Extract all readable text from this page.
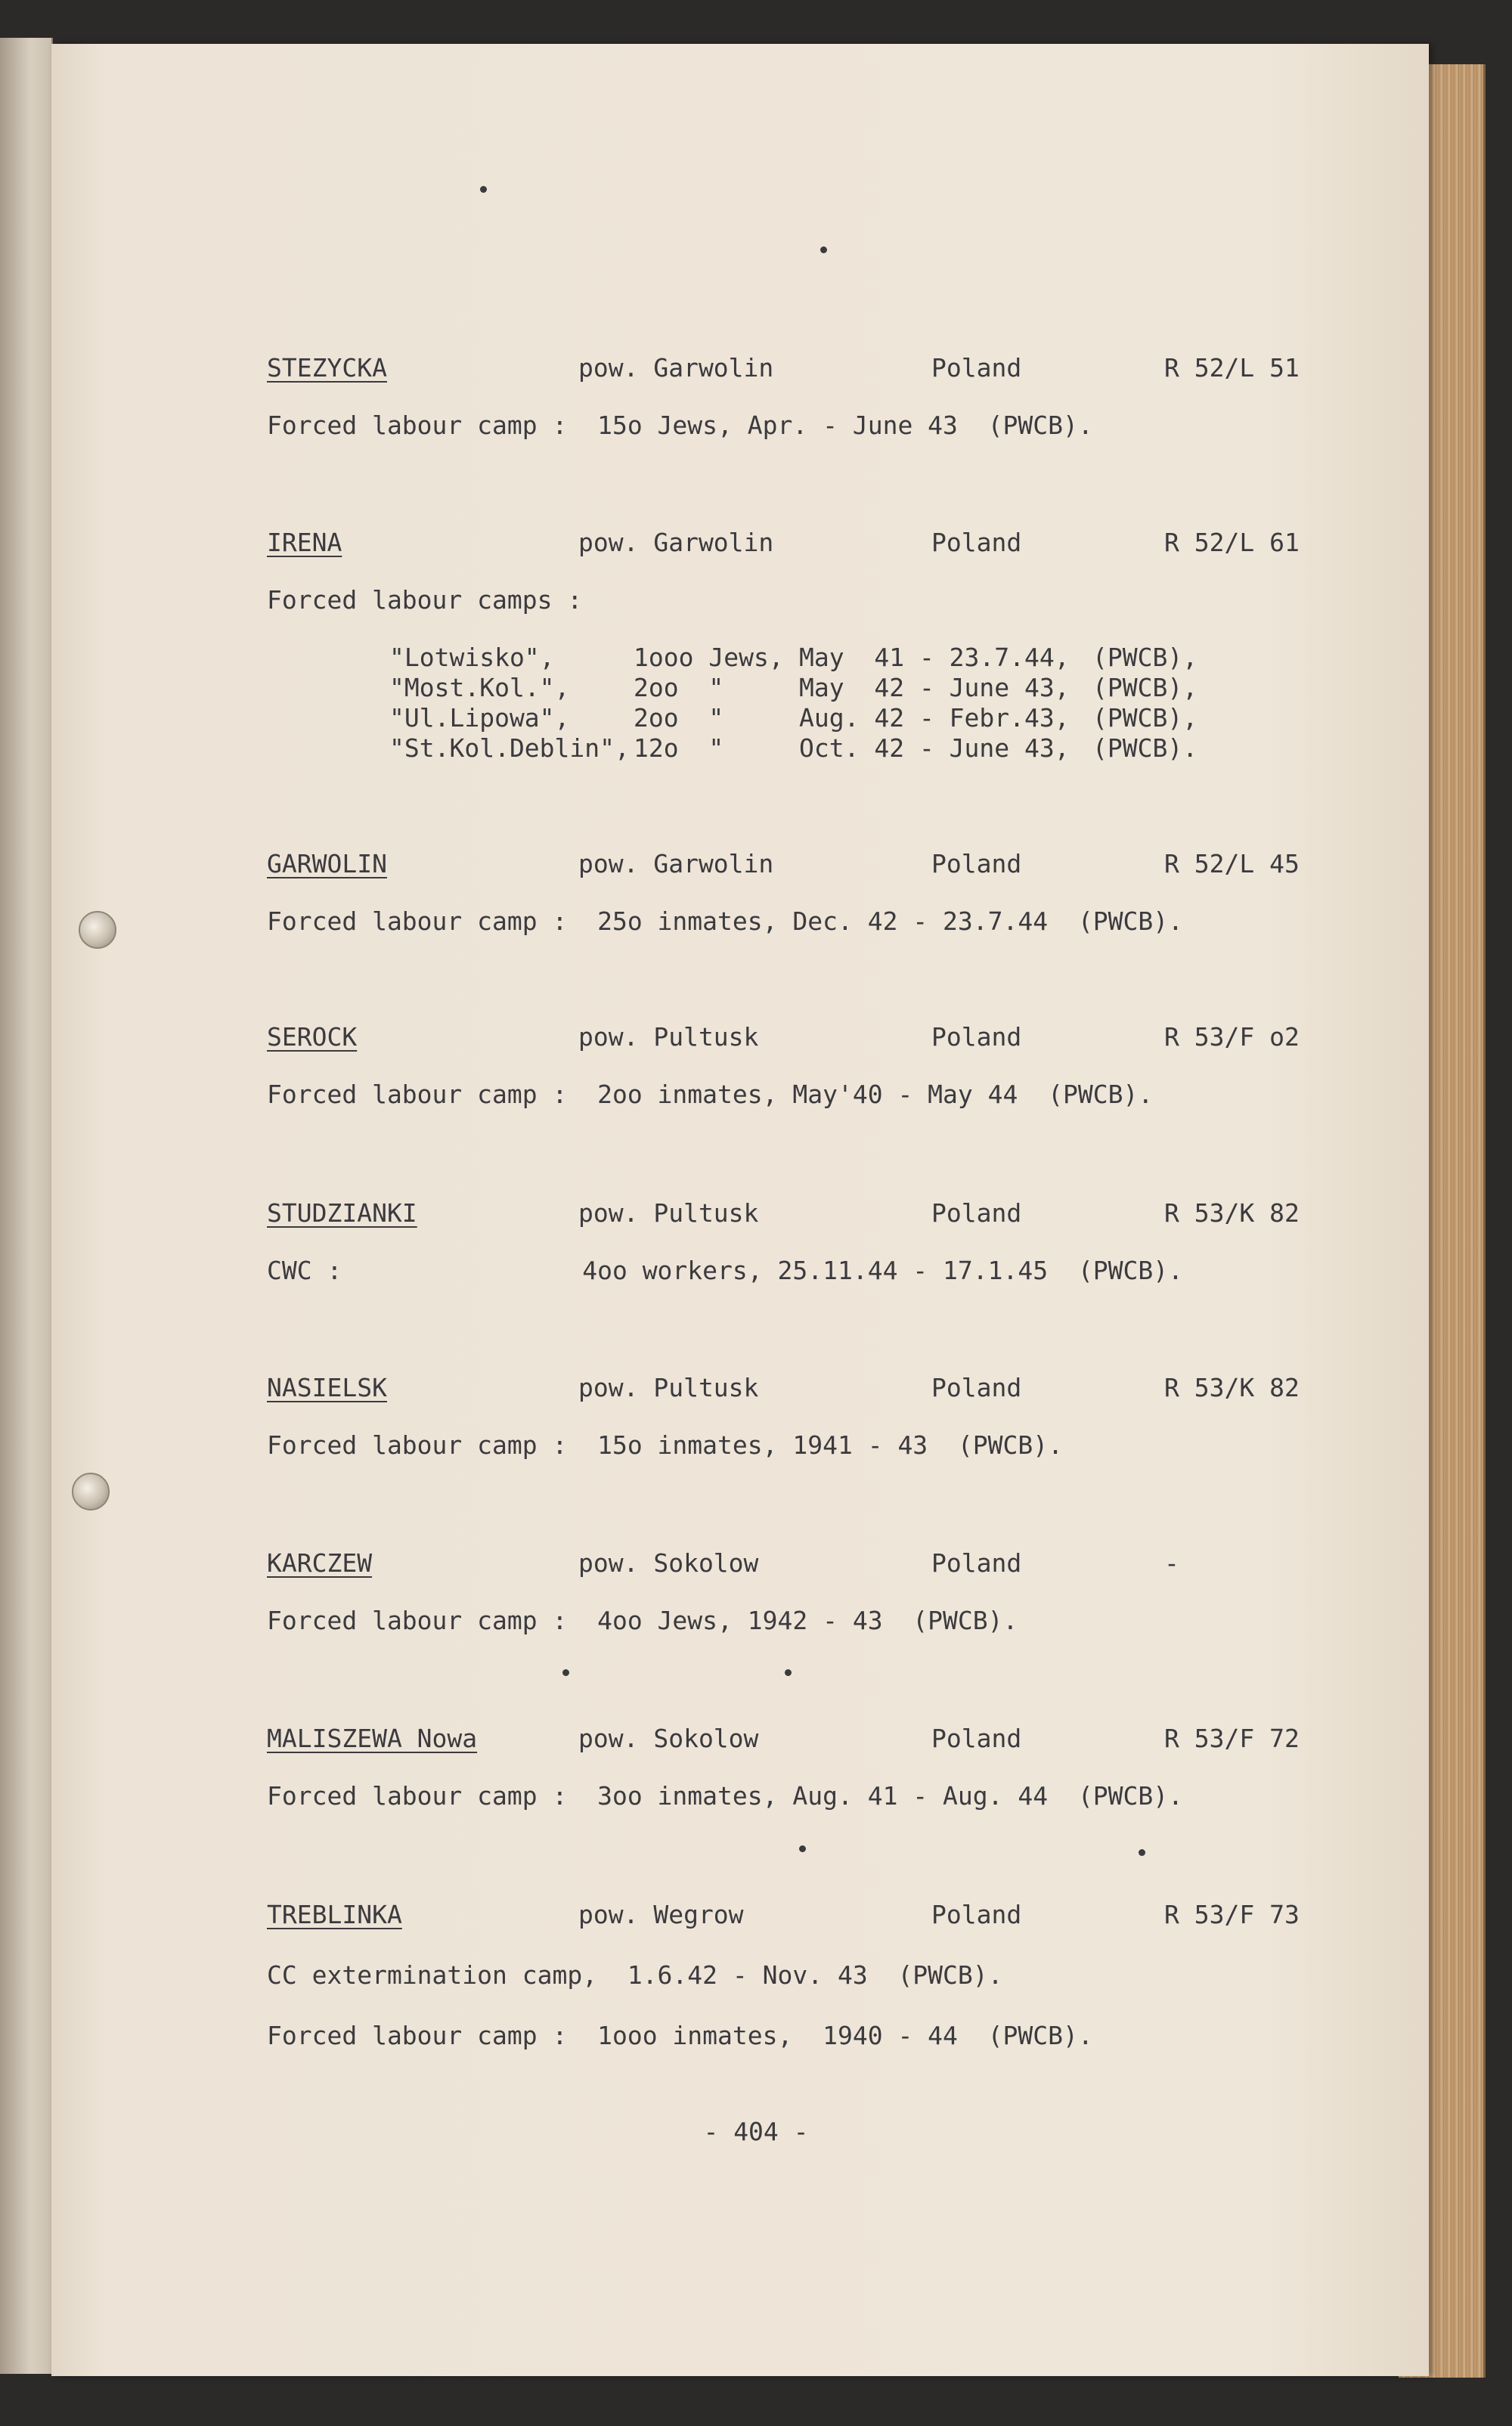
STEZYCKA	pow. Garwolin	Poland	R 52/L 51
Forced labour camp :  15o Jews, Apr. - June 43  (PWCB).
IRENA	pow. Garwolin	Poland	R 52/L 61
Forced labour camps :
"Lotwisko",	1ooo Jews, May  41 - 23.7.44, (PWCB),
"Most.Kol.",	2oo  "	May  42 - June 43, (PWCB),
"Ul.Lipowa",	2oo  "	Aug. 42 - Febr.43, (PWCB),
"St.Kol.Deblin", 12o  "	Oct. 42 - June 43, (PWCB).
GARWOLIN	pow. Garwolin	Poland	R 52/L 45
Forced labour camp :  25o inmates, Dec. 42 - 23.7.44  (PWCB).
SEROCK	pow. Pultusk	Poland	R 53/F o2
Forced labour camp :  2oo inmates, May'40 - May 44  (PWCB).
STUDZIANKI	pow. Pultusk	Poland	R 53/K 82
CWC :                4oo workers, 25.11.44 - 17.1.45  (PWCB).
NASIELSK	pow. Pultusk	Poland	R 53/K 82
Forced labour camp :  15o inmates, 1941 - 43  (PWCB).
KARCZEW	pow. Sokolow	Poland	-
Forced labour camp :  4oo Jews, 1942 - 43  (PWCB).
MALISZEWA Nowa	pow. Sokolow	Poland	R 53/F 72
Forced labour camp :  3oo inmates, Aug. 41 - Aug. 44  (PWCB).
TREBLINKA	pow. Wegrow	Poland	R 53/F 73
CC extermination camp,  1.6.42 - Nov. 43  (PWCB).
Forced labour camp :  1ooo inmates,  1940 - 44  (PWCB).
- 404 -
